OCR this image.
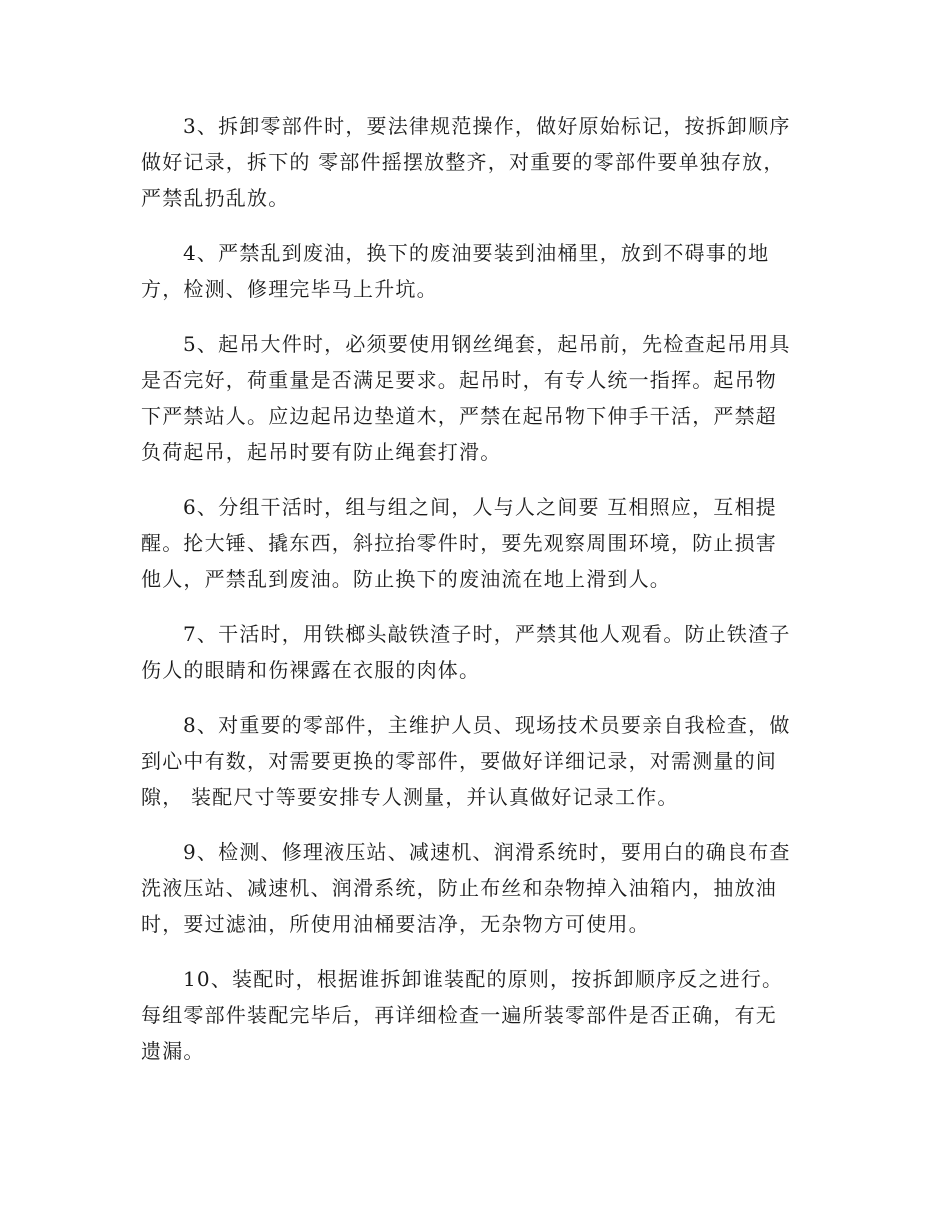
3、拆卸零部件时，要法律规范操作，做好原始标记，按拆卸顺序
做好记录，拆下的 零部件摇摆放整齐，对重要的零部件要单独存放，
严禁乱扔乱放。

4、严禁乱到废油，换下的废油要装到油桶里，放到不碍事的地
方，检测、修理完毕马上升坑。

5、起吊大件时，必须要使用钢丝绳套，起吊前，先检查起吊用具
是否完好，荷重量是否满足要求。起吊时，有专人统一指挥。起吊物
下严禁站人。应边起吊边垫道木，严禁在起吊物下伸手干活，严禁超
负荷起吊，起吊时要有防止绳套打滑。

6、分组干活时，组与组之间，人与人之间要 互相照应，互相提
醒。抡大锤、撬东西，斜拉抬零件时，要先观察周围环境，防止损害
他人，严禁乱到废油。防止换下的废油流在地上滑到人。

7、干活时，用铁榔头敲铁渣子时，严禁其他人观看。防止铁渣子
伤人的眼睛和伤裸露在衣服的肉体。

8、对重要的零部件，主维护人员、现场技术员要亲自我检查，做
到心中有数，对需要更换的零部件，要做好详细记录，对需测量的间
隙， 装配尺寸等要安排专人测量，并认真做好记录工作。

9、检测、修理液压站、减速机、润滑系统时，要用白的确良布查
洗液压站、减速机、润滑系统，防止布丝和杂物掉入油箱内，抽放油
时，要过滤油，所使用油桶要洁净，无杂物方可使用。

10、装配时，根据谁拆卸谁装配的原则，按拆卸顺序反之进行。
每组零部件装配完毕后，再详细检查一遍所装零部件是否正确，有无
遗漏。
